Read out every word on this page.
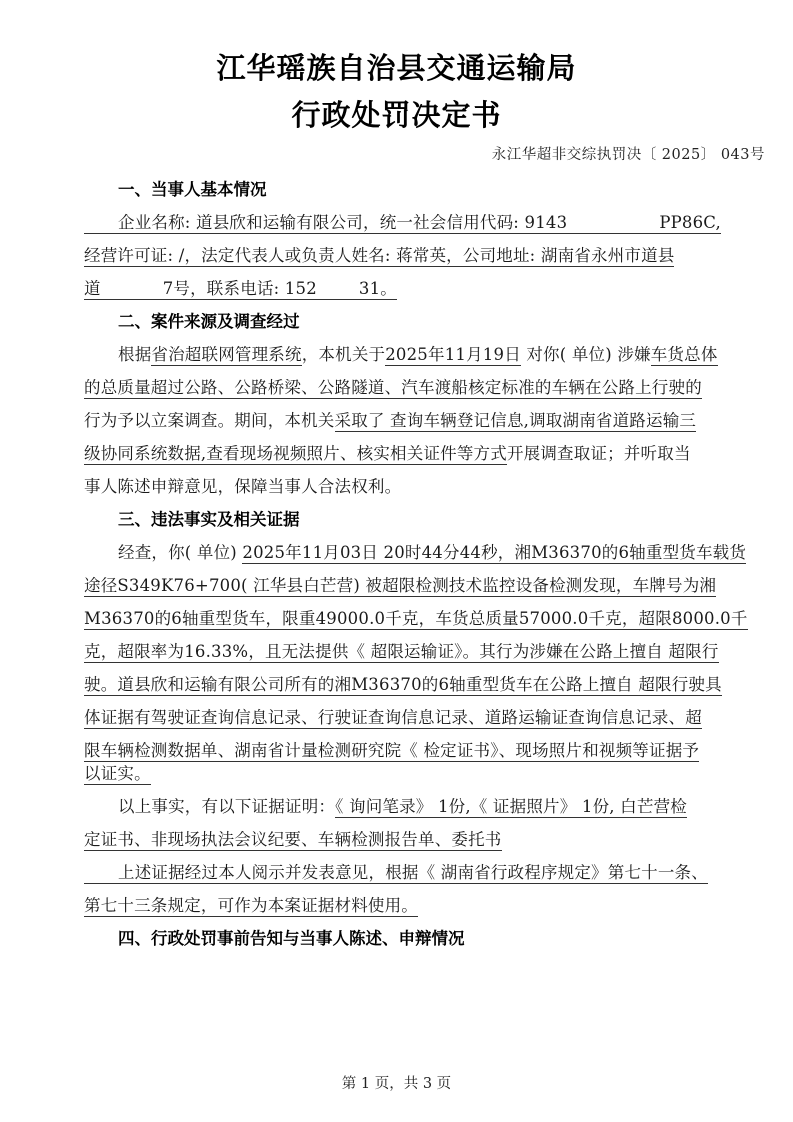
江华瑶族自治县交通运输局
行政处罚决定书
永江华超非交综执罚决〔 2025〕 043号
一、当事人基本情况
企业名称: 道县欣和运输有限公司，统一社会信用代码: 9143	PP86C,
经营许可证: /，法定代表人或负责人姓名: 蒋常英，公司地址: 湖南省永州市道县
道	7号，联系电话: 152	31。
二、案件来源及调查经过
根据省治超联网管理系统，本机关于2025年11月19日 对你( 单位) 涉嫌车货总体
的总质量超过公路、公路桥梁、公路隧道、汽车渡船核定标准的车辆在公路上行驶的
行为予以立案调查。期间，本机关采取了 查询车辆登记信息,调取湖南省道路运输三
级协同系统数据,查看现场视频照片、核实相关证件等方式开展调查取证；并听取当
事人陈述申辩意见，保障当事人合法权利。
三、违法事实及相关证据
经查，你( 单位) 2025年11月03日 20时44分44秒，湘M36370的6轴重型货车载货
途径S349K76+700( 江华县白芒营) 被超限检测技术监控设备检测发现，车牌号为湘
M36370的6轴重型货车，限重49000.0千克，车货总质量57000.0千克，超限8000.0千
克，超限率为16.33%，且无法提供《 超限运输证》。其行为涉嫌在公路上擅自 超限行
驶。道县欣和运输有限公司所有的湘M36370的6轴重型货车在公路上擅自 超限行驶具
体证据有驾驶证查询信息记录、行驶证查询信息记录、道路运输证查询信息记录、超
限车辆检测数据单、湖南省计量检测研究院《 检定证书》、现场照片和视频等证据予
以证实。
以上事实，有以下证据证明：《 询问笔录》 1份,《 证据照片》 1份, 白芒营检
定证书、非现场执法会议纪要、车辆检测报告单、委托书
上述证据经过本人阅示并发表意见，根据《 湖南省行政程序规定》第七十一条、
第七十三条规定，可作为本案证据材料使用。
四、行政处罚事前告知与当事人陈述、申辩情况
第 1 页，共 3 页
